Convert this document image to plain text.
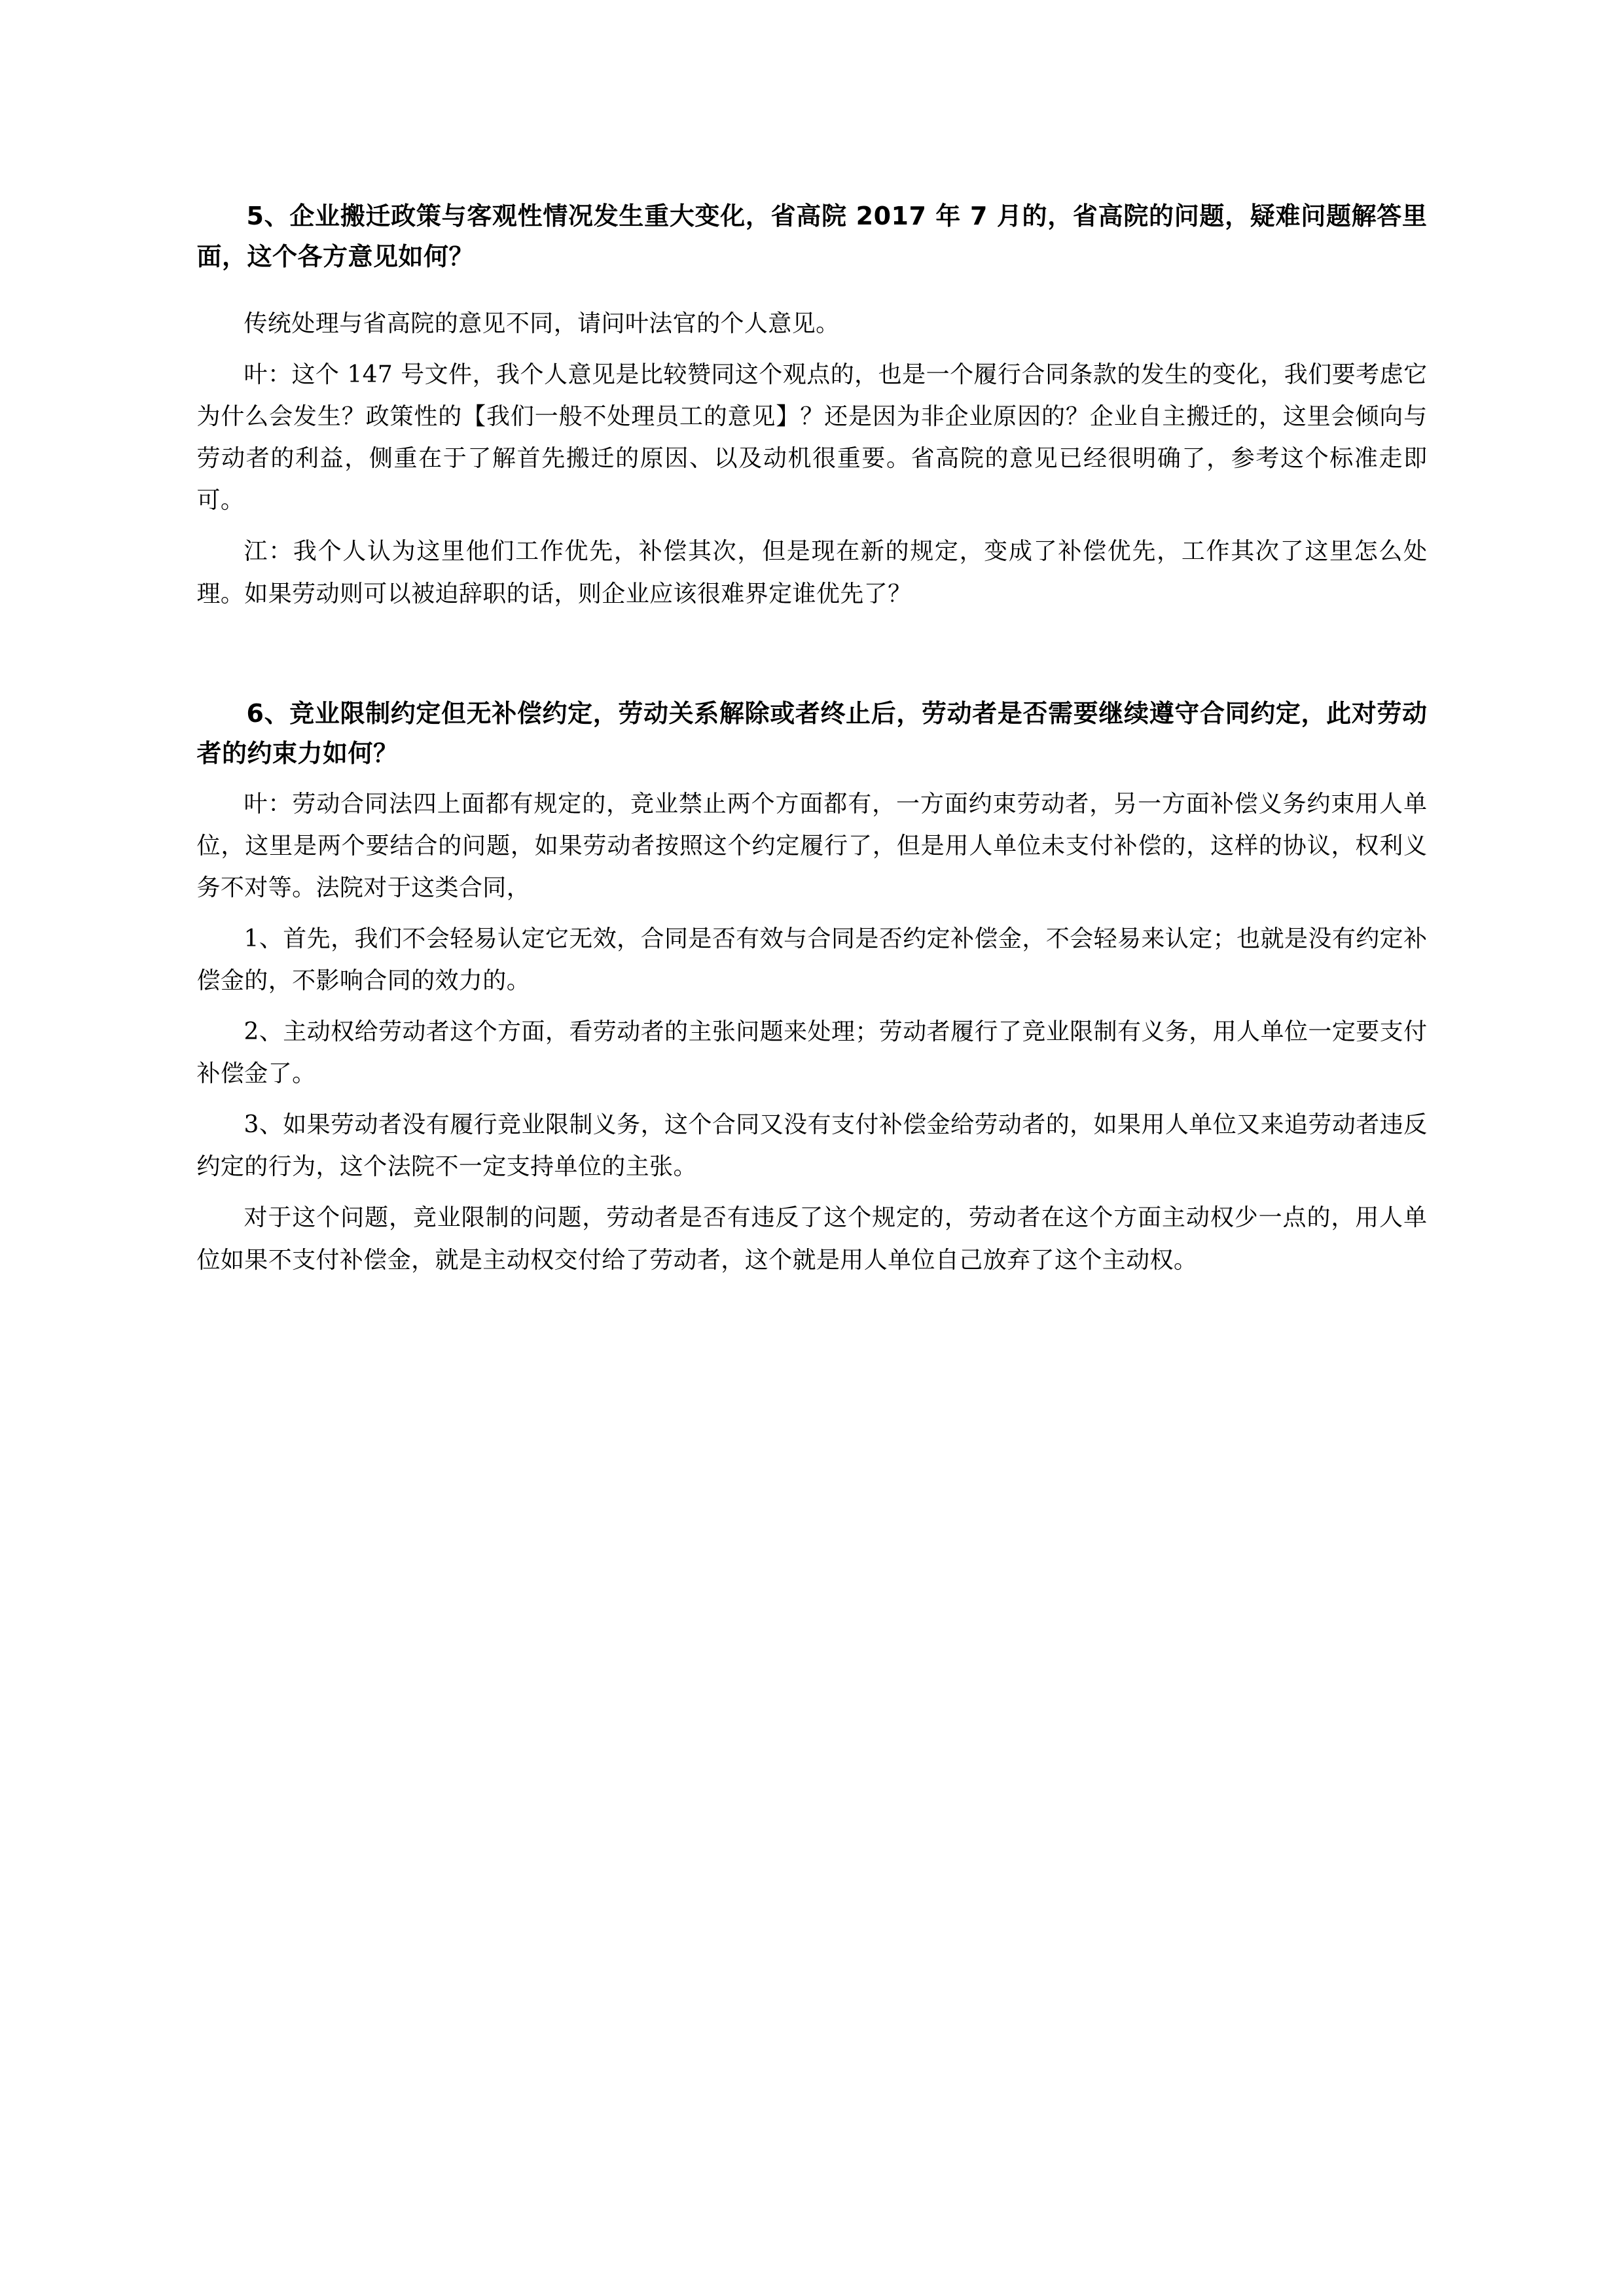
5、企业搬迁政策与客观性情况发生重大变化，省高院 2017 年 7 月的，省高院的问题，疑难问题解答里面，这个各方意见如何？

传统处理与省高院的意见不同，请问叶法官的个人意见。

叶：这个 147 号文件，我个人意见是比较赞同这个观点的，也是一个履行合同条款的发生的变化，我们要考虑它为什么会发生？政策性的【我们一般不处理员工的意见】？还是因为非企业原因的？企业自主搬迁的，这里会倾向与劳动者的利益，侧重在于了解首先搬迁的原因、以及动机很重要。省高院的意见已经很明确了，参考这个标准走即可。

江：我个人认为这里他们工作优先，补偿其次，但是现在新的规定，变成了补偿优先，工作其次了这里怎么处理。如果劳动则可以被迫辞职的话，则企业应该很难界定谁优先了？

6、竞业限制约定但无补偿约定，劳动关系解除或者终止后，劳动者是否需要继续遵守合同约定，此对劳动者的约束力如何？

叶：劳动合同法四上面都有规定的，竞业禁止两个方面都有，一方面约束劳动者，另一方面补偿义务约束用人单位，这里是两个要结合的问题，如果劳动者按照这个约定履行了，但是用人单位未支付补偿的，这样的协议，权利义务不对等。法院对于这类合同，

1、首先，我们不会轻易认定它无效，合同是否有效与合同是否约定补偿金，不会轻易来认定；也就是没有约定补偿金的，不影响合同的效力的。

2、主动权给劳动者这个方面，看劳动者的主张问题来处理；劳动者履行了竞业限制有义务，用人单位一定要支付补偿金了。

3、如果劳动者没有履行竞业限制义务，这个合同又没有支付补偿金给劳动者的，如果用人单位又来追劳动者违反约定的行为，这个法院不一定支持单位的主张。

对于这个问题，竞业限制的问题，劳动者是否有违反了这个规定的，劳动者在这个方面主动权少一点的，用人单位如果不支付补偿金，就是主动权交付给了劳动者，这个就是用人单位自己放弃了这个主动权。
